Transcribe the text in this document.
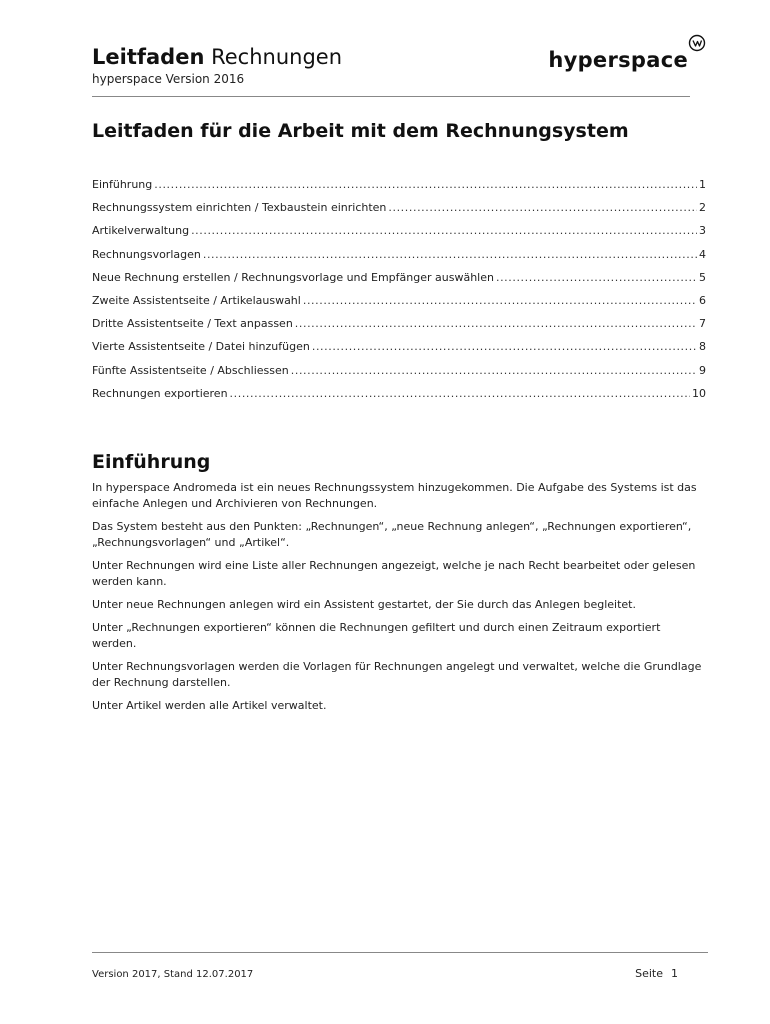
Leitfaden Rechnungen
hyperspace Version 2016
hyperspace
Leitfaden für die Arbeit mit dem Rechnungsystem
Einführung .....	1
Rechnungssystem einrichten / Texbaustein einrichten .....	2
Artikelverwaltung .....	3
Rechnungsvorlagen .....	4
Neue Rechnung erstellen / Rechnungsvorlage und Empfänger auswählen .....	5
Zweite Assistentseite / Artikelauswahl .....	6
Dritte Assistentseite / Text anpassen .....	7
Vierte Assistentseite / Datei hinzufügen .....	8
Fünfte Assistentseite / Abschliessen .....	9
Rechnungen exportieren .....	10
Einführung

In hyperspace Andromeda ist ein neues Rechnungssystem hinzugekommen. Die Aufgabe des Systems ist das einfache Anlegen und Archivieren von Rechnungen.

Das System besteht aus den Punkten: „Rechnungen“, „neue Rechnung anlegen“, „Rechnungen exportieren“, „Rechnungsvorlagen“ und „Artikel“.

Unter Rechnungen wird eine Liste aller Rechnungen angezeigt, welche je nach Recht bearbeitet oder gelesen werden kann.

Unter neue Rechnungen anlegen wird ein Assistent gestartet, der Sie durch das Anlegen begleitet.

Unter „Rechnungen exportieren“ können die Rechnungen gefiltert und durch einen Zeitraum exportiert werden.

Unter Rechnungsvorlagen werden die Vorlagen für Rechnungen angelegt und verwaltet, welche die Grundlage der Rechnung darstellen.

Unter Artikel werden alle Artikel verwaltet.

Version 2017, Stand 12.07.2017	Seite 1
